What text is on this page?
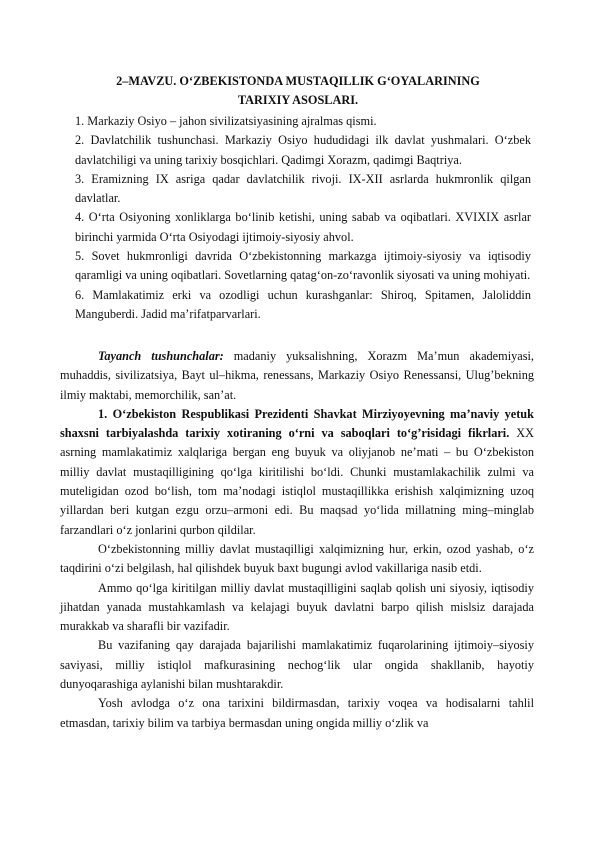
2–MAVZU. O‘ZBEKISTONDA MUSTAQILLIK G‘OYALARINING
TARIXIY ASOSLARI.
1. Markaziy Osiyo – jahon sivilizatsiyasining ajralmas qismi.
2. Davlatchilik tushunchasi. Markaziy Osiyo hududidagi ilk davlat yushmalari. O‘zbek davlatchiligi va uning tarixiy bosqichlari. Qadimgi Xorazm, qadimgi Baqtriya.
3. Eramizning IX asriga qadar davlatchilik rivoji. IX-XII asrlarda hukmronlik qilgan davlatlar.
4. O‘rta Osiyoning xonliklarga bo‘linib ketishi, uning sabab va oqibatlari. XVIXIX asrlar birinchi yarmida O‘rta Osiyodagi ijtimoiy-siyosiy ahvol.
5. Sovet hukmronligi davrida O‘zbekistonning markazga ijtimoiy-siyosiy va iqtisodiy qaramligi va uning oqibatlari. Sovetlarning qatag‘on-zo‘ravonlik siyosati va uning mohiyati.
6. Mamlakatimiz erki va ozodligi uchun kurashganlar: Shiroq, Spitamen, Jaloliddin Manguberdi. Jadid ma’rifatparvarlari.

Tayanch tushunchalar: madaniy yuksalishning, Xorazm Ma’mun akademiyasi, muhaddis, sivilizatsiya, Bayt ul–hikma, renessans, Markaziy Osiyo Renessansi, Ulug’bekning ilmiy maktabi, memorchilik, san’at.

1. O‘zbekiston Respublikasi Prezidenti Shavkat Mirziyoyevning ma’naviy yetuk shaxsni tarbiyalashda tarixiy xotiraning o‘rni va saboqlari to‘g’risidagi fikrlari. XX asrning mamlakatimiz xalqlariga bergan eng buyuk va oliyjanob ne’mati – bu O‘zbekiston milliy davlat mustaqilligining qo‘lga kiritilishi bo‘ldi. Chunki mustamlakachilik zulmi va muteligidan ozod bo‘lish, tom ma’nodagi istiqlol mustaqillikka erishish xalqimizning uzoq yillardan beri kutgan ezgu orzu–armoni edi. Bu maqsad yo‘lida millatning ming–minglab farzandlari o‘z jonlarini qurbon qildilar.

O‘zbekistonning milliy davlat mustaqilligi xalqimizning hur, erkin, ozod yashab, o‘z taqdirini o‘zi belgilash, hal qilishdek buyuk baxt bugungi avlod vakillariga nasib etdi.

Ammo qo‘lga kiritilgan milliy davlat mustaqilligini saqlab qolish uni siyosiy, iqtisodiy jihatdan yanada mustahkamlash va kelajagi buyuk davlatni barpo qilish mislsiz darajada murakkab va sharafli bir vazifadir.

Bu vazifaning qay darajada bajarilishi mamlakatimiz fuqarolarining ijtimoiy–siyosiy saviyasi, milliy istiqlol mafkurasining nechog‘lik ular ongida shakllanib, hayotiy dunyoqarashiga aylanishi bilan mushtarakdir.

Yosh avlodga o‘z ona tarixini bildirmasdan, tarixiy voqea va hodisalarni tahlil etmasdan, tarixiy bilim va tarbiya bermasdan uning ongida milliy o‘zlik va
